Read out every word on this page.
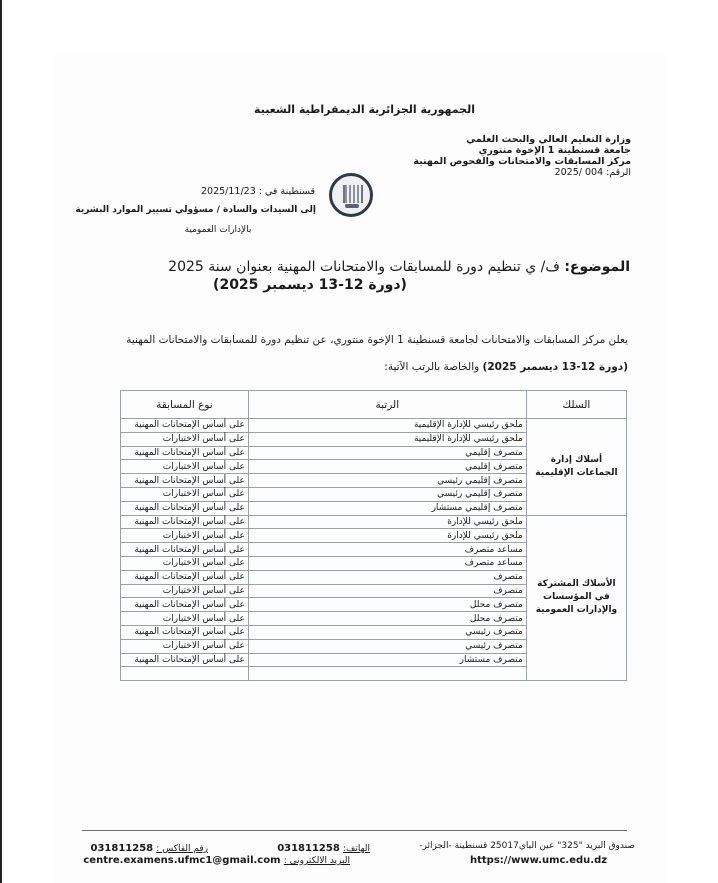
الجمهورية الجزائرية الديمقراطية الشعبية
وزارة التعليم العالي والبحث العلمي
جامعة قسنطينة 1 الإخوة منتوري
مركز المسابقات والامتحانات والفحوص المهنية
الرقم: 2025/ 004
قسنطينة في : 2025/11/23
إلى السيدات والسادة / مسؤولي تسيير الموارد البشرية
بالإدارات العمومية
الموضوع: ف/ ي تنظيم دورة للمسابقات والامتحانات المهنية بعنوان سنة 2025
(دورة 12-13 ديسمبر 2025)
يعلن مركز المسابقات والامتحانات لجامعة قسنطينة 1 الإخوة منتوري، عن تنظيم دورة للمسابقات والامتحانات المهنية
(دورة 12-13 ديسمبر 2025) والخاصة بالرتب الآتية:
السلك	الرتبة	نوع المسابقة
أسلاك إدارة الجماعات الإقليمية	ملحق رئيسي للإدارة الإقليمية	على أساس الإمتحانات المهنية
	ملحق رئيسي للإدارة الإقليمية	على أساس الاختبارات
	متصرف إقليمي	على أساس الإمتحانات المهنية
	متصرف إقليمي	على أساس الاختبارات
	متصرف إقليمي رئيسي	على أساس الإمتحانات المهنية
	متصرف إقليمي رئيسي	على أساس الاختبارات
	متصرف إقليمي مستشار	على أساس الإمتحانات المهنية
الأسلاك المشتركة في المؤسسات والإدارات العمومية	ملحق رئيسي للإدارة	على أساس الإمتحانات المهنية
	ملحق رئيسي للإدارة	على أساس الاختبارات
	مساعد متصرف	على أساس الإمتحانات المهنية
	مساعد متصرف	على أساس الاختبارات
	متصرف	على أساس الإمتحانات المهنية
	متصرف	على أساس الاختبارات
	متصرف محلل	على أساس الإمتحانات المهنية
	متصرف محلل	على أساس الاختبارات
	متصرف رئيسي	على أساس الإمتحانات المهنية
	متصرف رئيسي	على أساس الاختبارات
	متصرف مستشار	على أساس الإمتحانات المهنية

صندوق البريد "325" عين الباي25017 قسنطينة -الجزائر-
https://www.umc.edu.dz
الهاتف: 031811258
رقم الفاكس : 031811258
البريد الالكتروني : centre.examens.ufmc1@gmail.com
